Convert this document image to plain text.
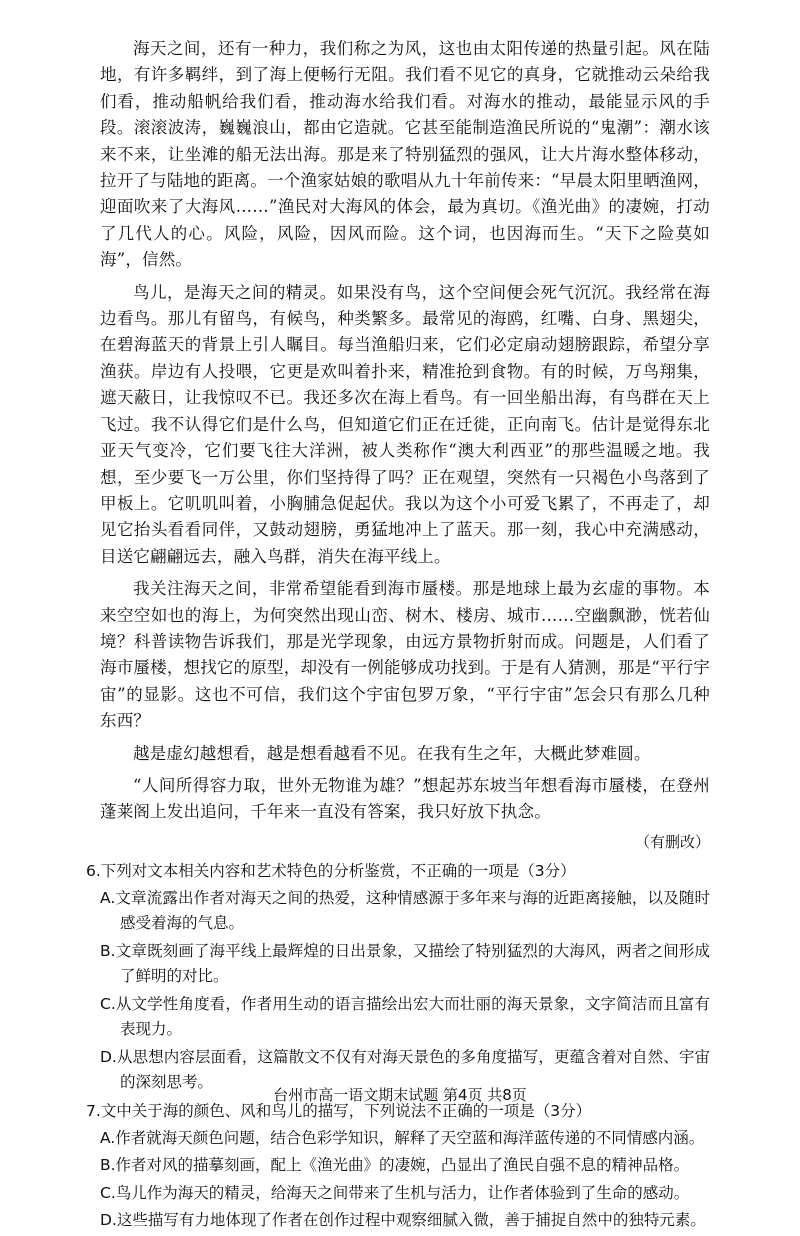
海天之间，还有一种力，我们称之为风，这也由太阳传递的热量引起。风在陆地，有许多羁绊，到了海上便畅行无阻。我们看不见它的真身，它就推动云朵给我们看，推动船帆给我们看，推动海水给我们看。对海水的推动，最能显示风的手段。滚滚波涛，巍巍浪山，都由它造就。它甚至能制造渔民所说的“鬼潮”：潮水该来不来，让坐滩的船无法出海。那是来了特别猛烈的强风，让大片海水整体移动，拉开了与陆地的距离。一个渔家姑娘的歌唱从九十年前传来：“早晨太阳里晒渔网，迎面吹来了大海风……”渔民对大海风的体会，最为真切。《渔光曲》的凄婉，打动了几代人的心。风险，风险，因风而险。这个词，也因海而生。“天下之险莫如海”，信然。

鸟儿，是海天之间的精灵。如果没有鸟，这个空间便会死气沉沉。我经常在海边看鸟。那儿有留鸟，有候鸟，种类繁多。最常见的海鸥，红嘴、白身、黑翅尖，在碧海蓝天的背景上引人瞩目。每当渔船归来，它们必定扇动翅膀跟踪，希望分享渔获。岸边有人投喂，它更是欢叫着扑来，精准抢到食物。有的时候，万鸟翔集，遮天蔽日，让我惊叹不已。我还多次在海上看鸟。有一回坐船出海，有鸟群在天上飞过。我不认得它们是什么鸟，但知道它们正在迁徙，正向南飞。估计是觉得东北亚天气变冷，它们要飞往大洋洲，被人类称作“澳大利西亚”的那些温暖之地。我想，至少要飞一万公里，你们坚持得了吗？正在观望，突然有一只褐色小鸟落到了甲板上。它叽叽叫着，小胸脯急促起伏。我以为这个小可爱飞累了，不再走了，却见它抬头看看同伴，又鼓动翅膀，勇猛地冲上了蓝天。那一刻，我心中充满感动，目送它翩翩远去，融入鸟群，消失在海平线上。

我关注海天之间，非常希望能看到海市蜃楼。那是地球上最为玄虚的事物。本来空空如也的海上，为何突然出现山峦、树木、楼房、城市……空幽飘渺，恍若仙境？科普读物告诉我们，那是光学现象，由远方景物折射而成。问题是，人们看了海市蜃楼，想找它的原型，却没有一例能够成功找到。于是有人猜测，那是“平行宇宙”的显影。这也不可信，我们这个宇宙包罗万象，“平行宇宙”怎会只有那么几种东西？

越是虚幻越想看，越是想看越看不见。在我有生之年，大概此梦难圆。

“人间所得容力取，世外无物谁为雄？”想起苏东坡当年想看海市蜃楼，在登州蓬莱阁上发出追问，千年来一直没有答案，我只好放下执念。

（有删改）
6.下列对文本相关内容和艺术特色的分析鉴赏，不正确的一项是（3分）
A.文章流露出作者对海天之间的热爱，这种情感源于多年来与海的近距离接触，以及随时感受着海的气息。
B.文章既刻画了海平线上最辉煌的日出景象，又描绘了特别猛烈的大海风，两者之间形成了鲜明的对比。
C.从文学性角度看，作者用生动的语言描绘出宏大而壮丽的海天景象，文字简洁而且富有表现力。
D.从思想内容层面看，这篇散文不仅有对海天景色的多角度描写，更蕴含着对自然、宇宙的深刻思考。
7.文中关于海的颜色、风和鸟儿的描写，下列说法不正确的一项是（3分）
A.作者就海天颜色问题，结合色彩学知识，解释了天空蓝和海洋蓝传递的不同情感内涵。
B.作者对风的描摹刻画，配上《渔光曲》的凄婉，凸显出了渔民自强不息的精神品格。
C.鸟儿作为海天的精灵，给海天之间带来了生机与活力，让作者体验到了生命的感动。
D.这些描写有力地体现了作者在创作过程中观察细腻入微，善于捕捉自然中的独特元素。
台州市高一语文期末试题 第4页 共8页
